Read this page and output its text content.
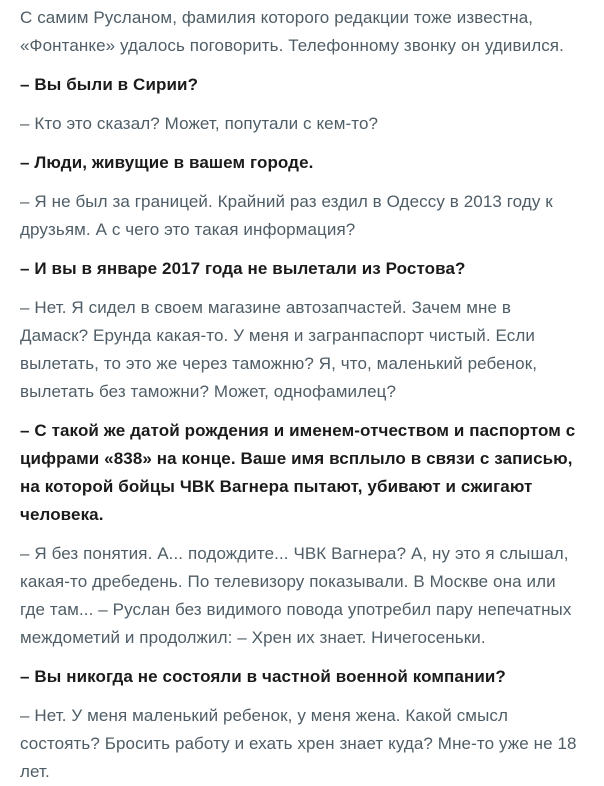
С самим Русланом, фамилия которого редакции тоже известна, «Фонтанке» удалось поговорить. Телефонному звонку он удивился.

– Вы были в Сирии?

– Кто это сказал? Может, попутали с кем-то?

– Люди, живущие в вашем городе.

– Я не был за границей. Крайний раз ездил в Одессу в 2013 году к друзьям. А с чего это такая информация?

– И вы в январе 2017 года не вылетали из Ростова?

– Нет. Я сидел в своем магазине автозапчастей. Зачем мне в Дамаск? Ерунда какая-то. У меня и загранпаспорт чистый. Если вылетать, то это же через таможню? Я, что, маленький ребенок, вылетать без таможни? Может, однофамилец?

– С такой же датой рождения и именем-отчеством и паспортом с цифрами «838» на конце. Ваше имя всплыло в связи с записью, на которой бойцы ЧВК Вагнера пытают, убивают и сжигают человека.

– Я без понятия. А... подождите... ЧВК Вагнера? А, ну это я слышал, какая-то дребедень. По телевизору показывали. В Москве она или где там... – Руслан без видимого повода употребил пару непечатных междометий и продолжил: – Хрен их знает. Ничегосеньки.

– Вы никогда не состояли в частной военной компании?

– Нет. У меня маленький ребенок, у меня жена. Какой смысл состоять? Бросить работу и ехать хрен знает куда? Мне-то уже не 18 лет.
